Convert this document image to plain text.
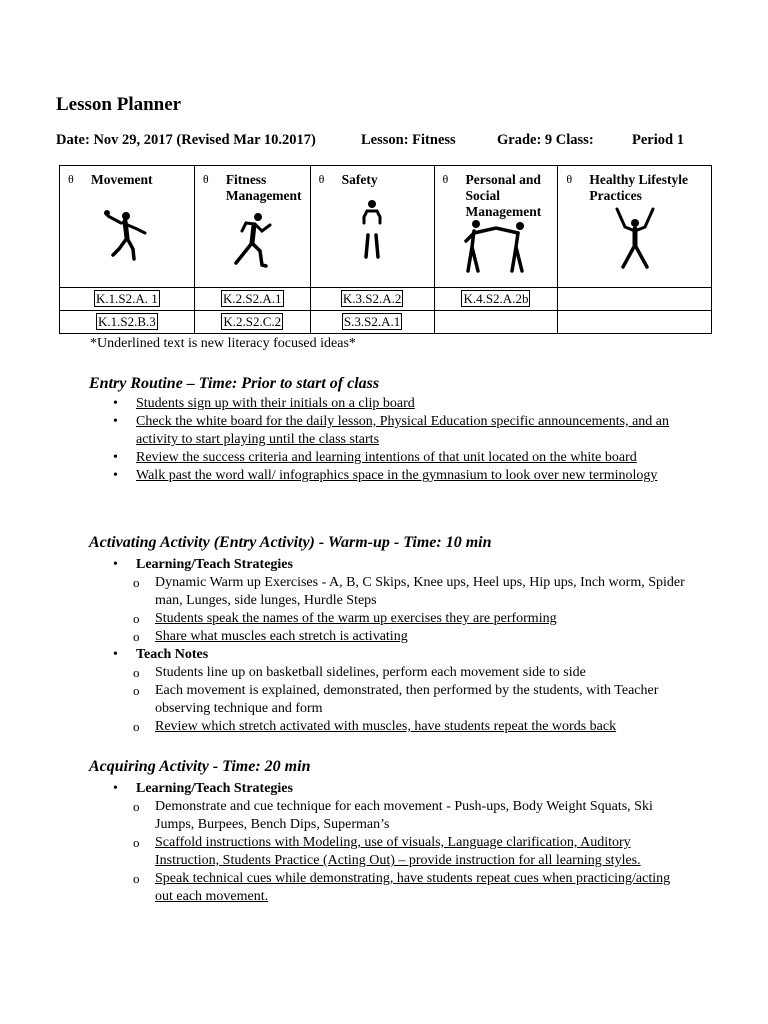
Lesson Planner
Date: Nov 29, 2017 (Revised Mar 10.2017)	Lesson: Fitness	Grade: 9 Class:	Period 1
θ Movement	θ Fitness Management	θ Safety	θ Personal and Social Management	θ Healthy Lifestyle Practices

K.1.S2.A. 1	K.2.S2.A.1	K.3.S2.A.2	K.4.S2.A.2b	
K.1.S2.B.3	K.2.S2.C.2	S.3.S2.A.1		
*Underlined text is new literacy focused ideas*
Entry Routine – Time: Prior to start of class
• Students sign up with their initials on a clip board
• Check the white board for the daily lesson, Physical Education specific announcements, and an activity to start playing until the class starts
• Review the success criteria and learning intentions of that unit located on the white board
• Walk past the word wall/ infographics space in the gymnasium to look over new terminology
Activating Activity (Entry Activity) - Warm-up - Time: 10 min
• Learning/Teach Strategies
o Dynamic Warm up Exercises - A, B, C Skips, Knee ups, Heel ups, Hip ups, Inch worm, Spider man, Lunges, side lunges, Hurdle Steps
o Students speak the names of the warm up exercises they are performing
o Share what muscles each stretch is activating
• Teach Notes
o Students line up on basketball sidelines, perform each movement side to side
o Each movement is explained, demonstrated, then performed by the students, with Teacher observing technique and form
o Review which stretch activated with muscles, have students repeat the words back
Acquiring Activity - Time: 20 min
• Learning/Teach Strategies
o Demonstrate and cue technique for each movement - Push-ups, Body Weight Squats, Ski Jumps, Burpees, Bench Dips, Superman’s
o Scaffold instructions with Modeling, use of visuals, Language clarification, Auditory Instruction, Students Practice (Acting Out) – provide instruction for all learning styles.
o Speak technical cues while demonstrating, have students repeat cues when practicing/acting out each movement.
